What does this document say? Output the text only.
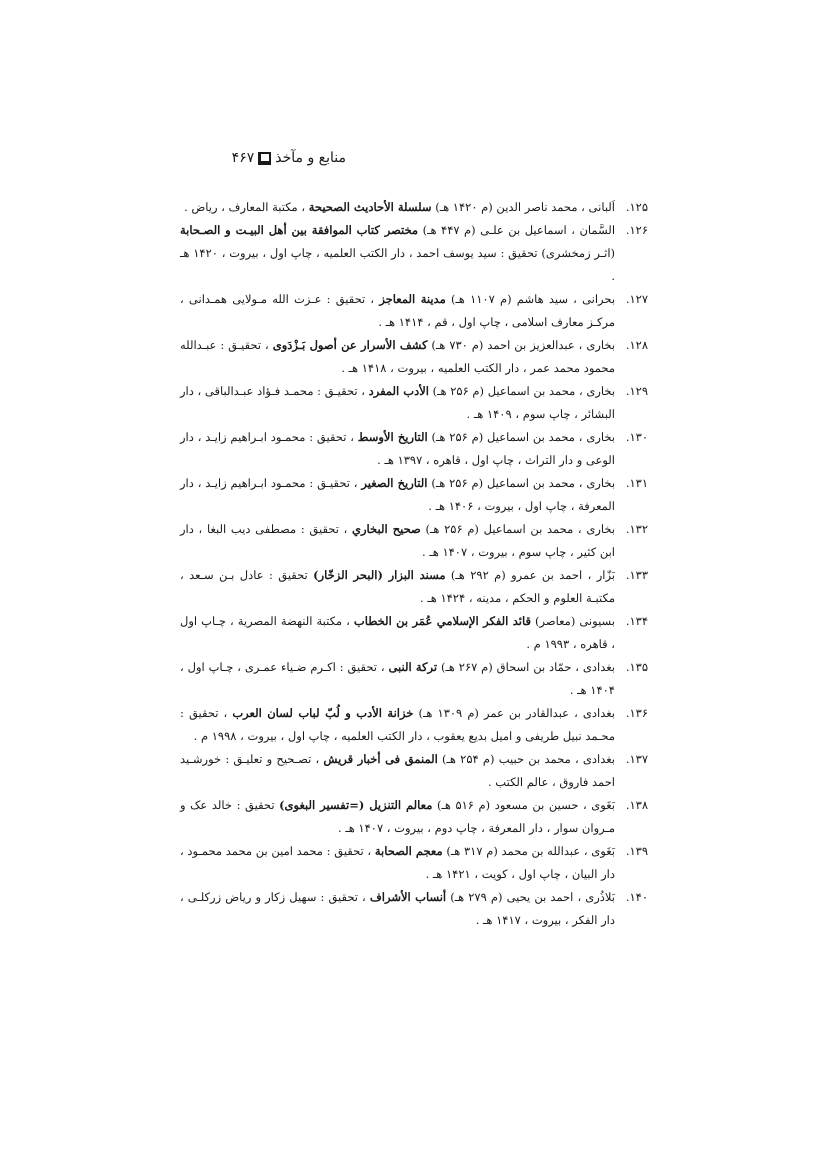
منابع و مآخذ
۴۶۷
۱۲۵.
اَلبانی ، محمد ناصر الدین (م ۱۴۲۰ هـ) سلسلة الأحادیث الصحیحة ، مکتبة المعارف ، ریاض .
۱۲۶.
السَّمان ، اسماعیل بن علـی (م ۴۴۷ هـ) مختصر کتاب الموافقة بین أهل البیـت و الصـحابة (اثـر زمخشری) تحقیق : سید یوسف احمد ، دار الکتب العلمیه ، چاپ اول ، بیروت ، ۱۴۲۰ هـ .
۱۲۷.
بحرانی ، سید هاشم (م ۱۱۰۷ هـ) مدینة المعاجز ، تحقیق : عـزت الله مـولایی همـدانی ، مرکـز معارف اسلامی ، چاپ اول ، قم ، ۱۴۱۴ هـ .
۱۲۸.
بخاری ، عبدالعزیز بن احمد (م ۷۳۰ هـ) کشف الأسرار عن أصول بَـزْدَوی ، تحقیـق : عبـدالله محمود محمد عمر ، دار الکتب العلمیه ، بیروت ، ۱۴۱۸ هـ .
۱۲۹.
بخاری ، محمد بن اسماعیل (م ۲۵۶ هـ) الأدب المفرد ، تحقیـق : محمـد فـؤاد عبـدالباقی ، دار البشائر ، چاپ سوم ، ۱۴۰۹ هـ .
۱۳۰.
بخاری ، محمد بن اسماعیل (م ۲۵۶ هـ) التاریخ الأوسط ، تحقیق : محمـود ابـراهیم زایـد ، دار الوعی و دار التراث ، چاپ اول ، قاهره ، ۱۳۹۷ هـ .
۱۳۱.
بخاری ، محمد بن اسماعیل (م ۲۵۶ هـ) التاریخ الصغیر ، تحقیـق : محمـود ابـراهیم زایـد ، دار المعرفة ، چاپ اول ، بیروت ، ۱۴۰۶ هـ .
۱۳۲.
بخاری ، محمد بن اسماعیل (م ۲۵۶ هـ) صحیح البخاري ، تحقیق : مصطفی دیب البغا ، دار ابن کثیر ، چاپ سوم ، بیروت ، ۱۴۰۷ هـ .
۱۳۳.
بَزّار ، احمد بن عمرو (م ۲۹۲ هـ) مسند البزار (البحر الزخّار) تحقیق : عادل بـن سـعد ، مکتبـة العلوم و الحکم ، مدینه ، ۱۴۲۴ هـ .
۱۳۴.
بسیونی (معاصر) قائد الفکر الإسلامي عُمَر بن الخطاب ، مکتبة النهضة المصریة ، چـاپ اول ، قاهره ، ۱۹۹۳ م .
۱۳۵.
بغدادی ، حمّاد بن اسحاق (م ۲۶۷ هـ) ترکة النبی ، تحقیق : اکـرم ضـیاء عمـری ، چـاپ اول ، ۱۴۰۴ هـ .
۱۳۶.
بغدادی ، عبدالقادر بن عمر (م ۱۳۰۹ هـ) خزانة الأدب و لُبّ لباب لسان العرب ، تحقیق : محـمد نبیل طریفی و امیل بدیع یعقوب ، دار الکتب العلمیه ، چاپ اول ، بیروت ، ۱۹۹۸ م .
۱۳۷.
بغدادی ، محمد بن حبیب (م ۲۵۴ هـ) المنمق فی أخبار قریش ، تصـحیح و تعلیـق : خورشـید احمد فاروق ، عالم الکتب .
۱۳۸.
بَغَوی ، حسین بن مسعود (م ۵۱۶ هـ) معالم التنزیل (=تفسیر البغوی) تحقیق : خالد عک و مـروان سوار ، دار المعرفة ، چاپ دوم ، بیروت ، ۱۴۰۷ هـ .
۱۳۹.
بَغَوی ، عبدالله بن محمد (م ۳۱۷ هـ) معجم الصحابة ، تحقیق : محمد امین بن محمد محمـود ، دار البیان ، چاپ اول ، کویت ، ۱۴۲۱ هـ .
۱۴۰.
بَلاذُری ، احمد بن یحیی (م ۲۷۹ هـ) أنساب الأشراف ، تحقیق : سهیل زکار و ریاض زرکلـی ، دار الفکر ، بیروت ، ۱۴۱۷ هـ .
